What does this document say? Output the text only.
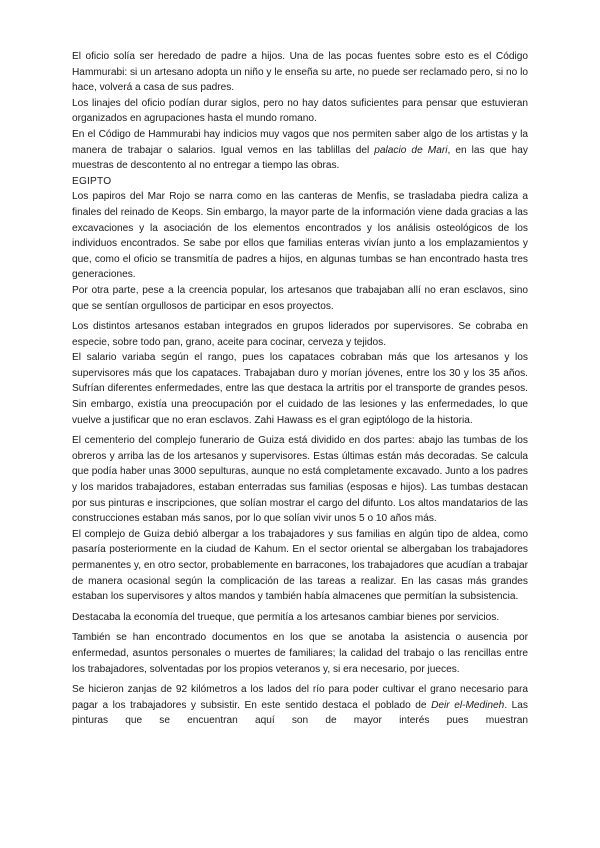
El oficio solía ser heredado de padre a hijos. Una de las pocas fuentes sobre esto es el Código Hammurabi: si un artesano adopta un niño y le enseña su arte, no puede ser reclamado pero, si no lo hace, volverá a casa de sus padres.

Los linajes del oficio podían durar siglos, pero no hay datos suficientes para pensar que estuvieran organizados en agrupaciones hasta el mundo romano.

En el Código de Hammurabi hay indicios muy vagos que nos permiten saber algo de los artistas y la manera de trabajar o salarios. Igual vemos en las tablillas del palacio de Mari, en las que hay muestras de descontento al no entregar a tiempo las obras.

EGIPTO

Los papiros del Mar Rojo se narra como en las canteras de Menfis, se trasladaba piedra caliza a finales del reinado de Keops. Sin embargo, la mayor parte de la información viene dada gracias a las excavaciones y la asociación de los elementos encontrados y los análisis osteológicos de los individuos encontrados. Se sabe por ellos que familias enteras vivían junto a los emplazamientos y que, como el oficio se transmitía de padres a hijos, en algunas tumbas se han encontrado hasta tres generaciones.

Por otra parte, pese a la creencia popular, los artesanos que trabajaban allí no eran esclavos, sino que se sentían orgullosos de participar en esos proyectos.

Los distintos artesanos estaban integrados en grupos liderados por supervisores. Se cobraba en especie, sobre todo pan, grano, aceite para cocinar, cerveza y tejidos.

El salario variaba según el rango, pues los capataces cobraban más que los artesanos y los supervisores más que los capataces. Trabajaban duro y morían jóvenes, entre los 30 y los 35 años. Sufrían diferentes enfermedades, entre las que destaca la artritis por el transporte de grandes pesos. Sin embargo, existía una preocupación por el cuidado de las lesiones y las enfermedades, lo que vuelve a justificar que no eran esclavos. Zahi Hawass es el gran egiptólogo de la historia.

El cementerio del complejo funerario de Guiza está dividido en dos partes: abajo las tumbas de los obreros y arriba las de los artesanos y supervisores. Estas últimas están más decoradas. Se calcula que podía haber unas 3000 sepulturas, aunque no está completamente excavado. Junto a los padres y los maridos trabajadores, estaban enterradas sus familias (esposas e hijos). Las tumbas destacan por sus pinturas e inscripciones, que solían mostrar el cargo del difunto. Los altos mandatarios de las construcciones estaban más sanos, por lo que solían vivir unos 5 o 10 años más.

El complejo de Guiza debió albergar a los trabajadores y sus familias en algún tipo de aldea, como pasaría posteriormente en la ciudad de Kahum. En el sector oriental se albergaban los trabajadores permanentes y, en otro sector, probablemente en barracones, los trabajadores que acudían a trabajar de manera ocasional según la complicación de las tareas a realizar. En las casas más grandes estaban los supervisores y altos mandos y también había almacenes que permitían la subsistencia.

Destacaba la economía del trueque, que permitía a los artesanos cambiar bienes por servicios.

También se han encontrado documentos en los que se anotaba la asistencia o ausencia por enfermedad, asuntos personales o muertes de familiares; la calidad del trabajo o las rencillas entre los trabajadores, solventadas por los propios veteranos y, si era necesario, por jueces.

Se hicieron zanjas de 92 kilómetros a los lados del río para poder cultivar el grano necesario para pagar a los trabajadores y subsistir. En este sentido destaca el poblado de Deir el-Medineh. Las pinturas que se encuentran aquí son de mayor interés pues muestran
